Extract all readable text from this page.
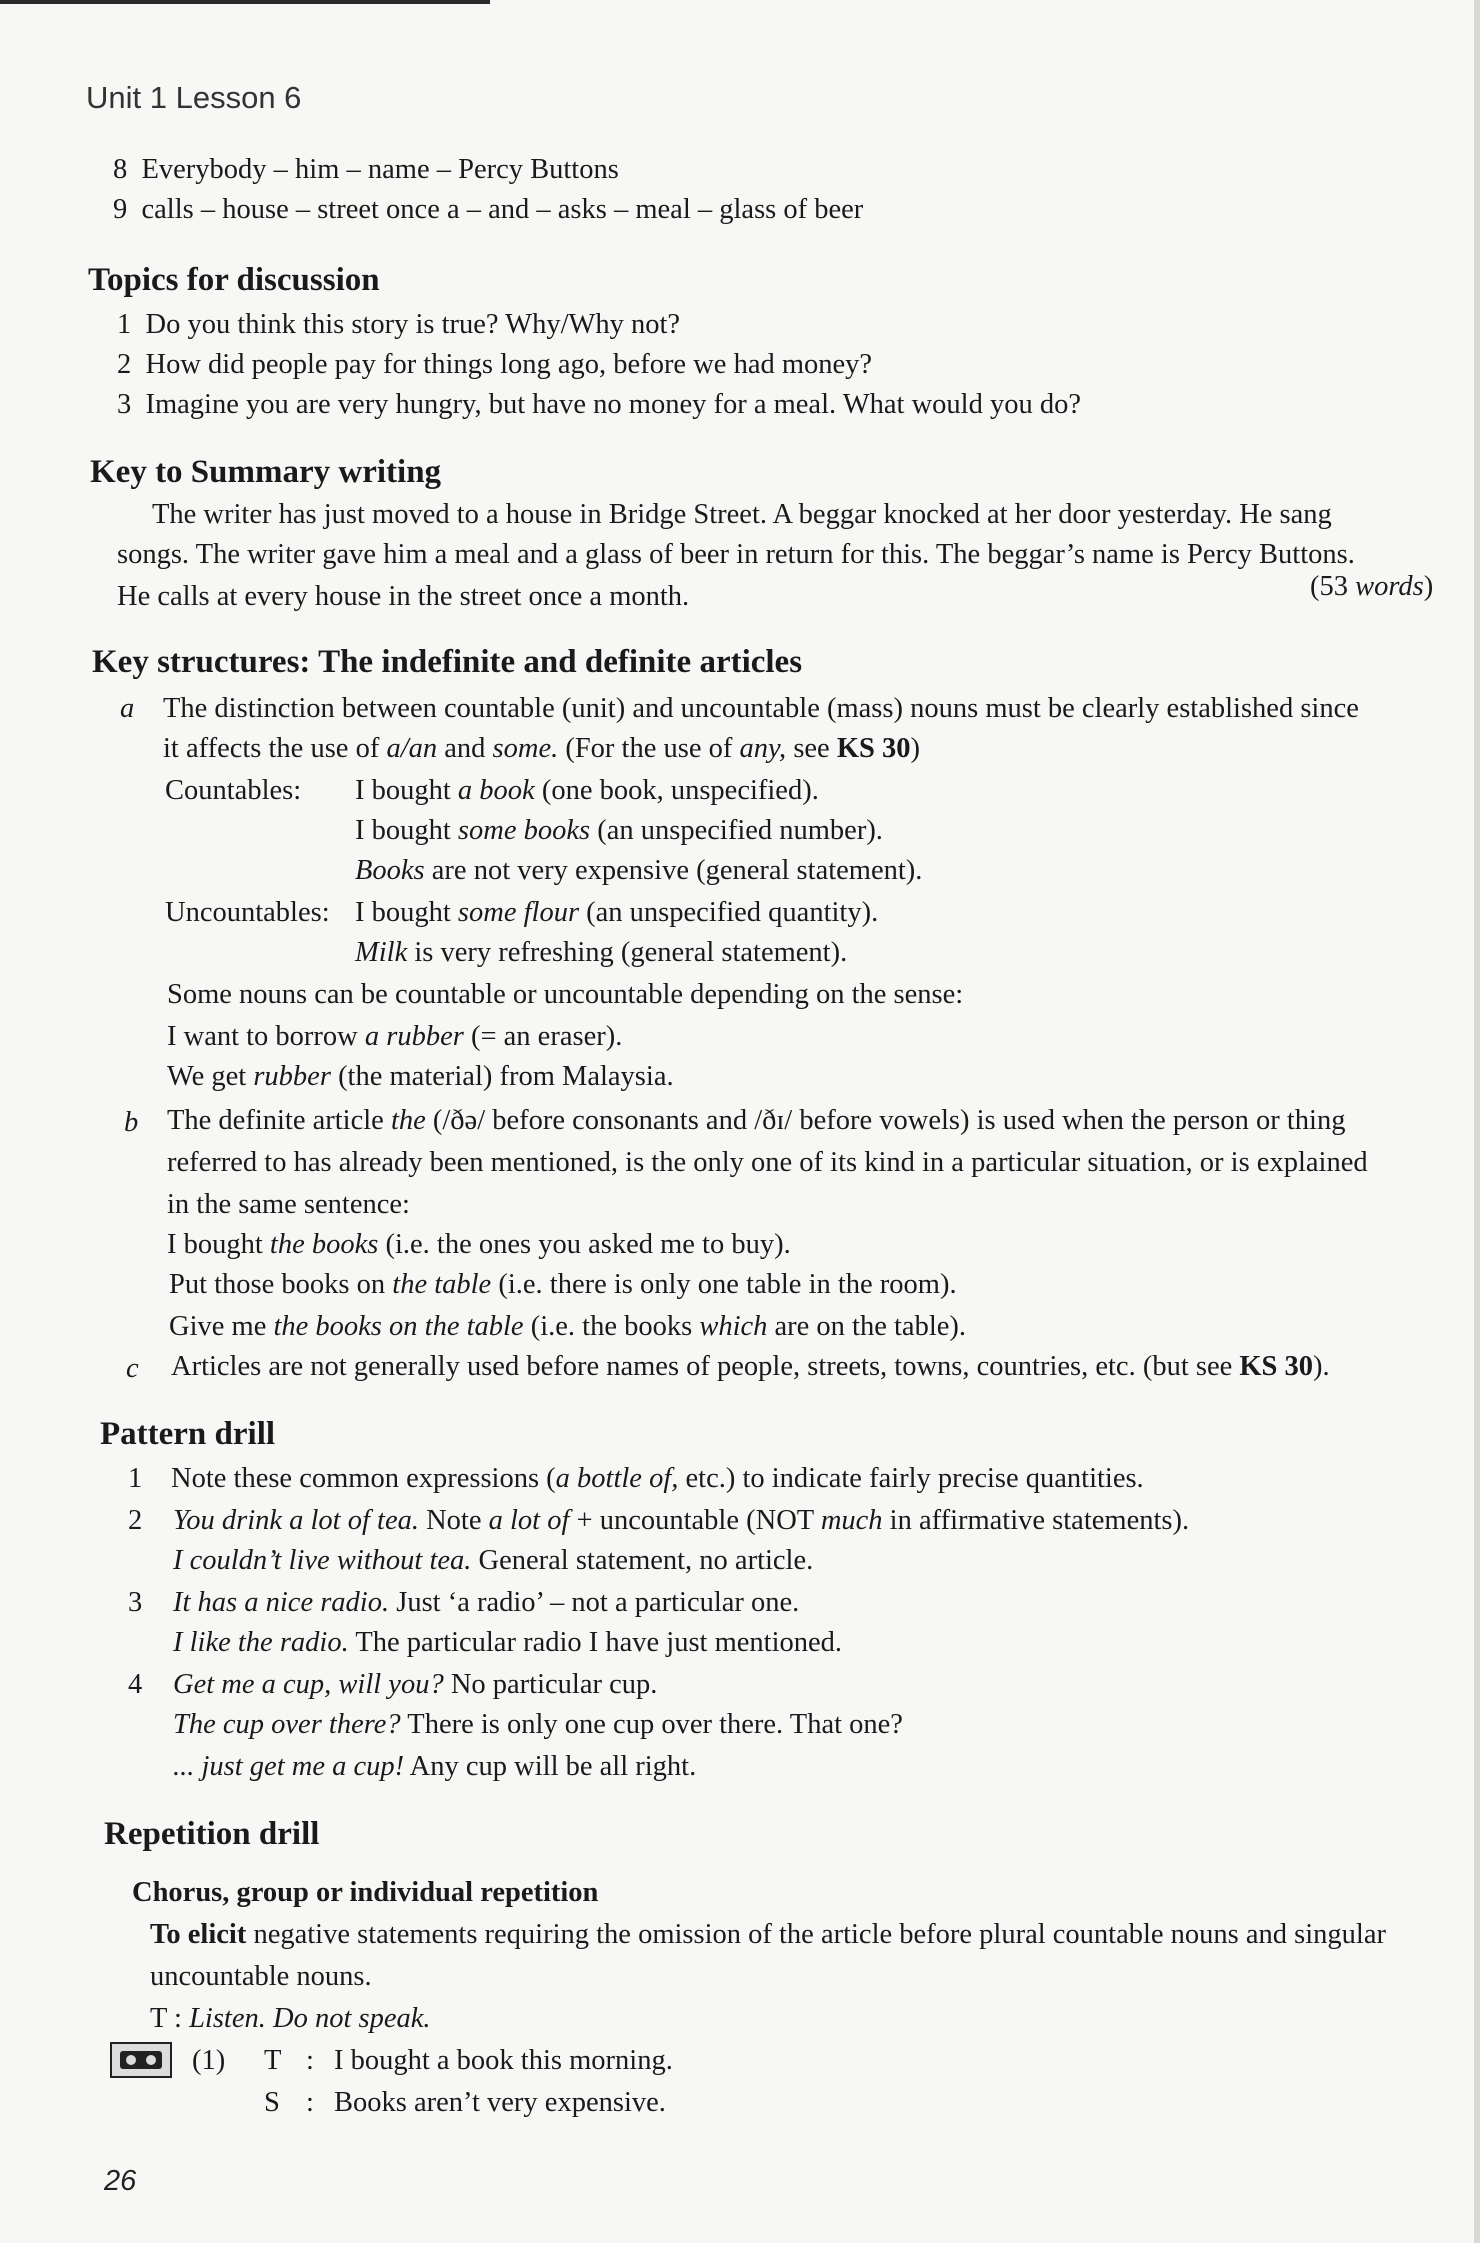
Unit 1 Lesson 6
8 Everybody – him – name – Percy Buttons
9 calls – house – street once a – and – asks – meal – glass of beer
Topics for discussion
1 Do you think this story is true? Why/Why not?
2 How did people pay for things long ago, before we had money?
3 Imagine you are very hungry, but have no money for a meal. What would you do?
Key to Summary writing
The writer has just moved to a house in Bridge Street. A beggar knocked at her door yesterday. He sang
songs. The writer gave him a meal and a glass of beer in return for this. The beggar’s name is Percy Buttons.
He calls at every house in the street once a month.	(53 words)
Key structures: The indefinite and definite articles
a The distinction between countable (unit) and uncountable (mass) nouns must be clearly established since
it affects the use of a/an and some. (For the use of any, see KS 30)
Countables: I bought a book (one book, unspecified).
I bought some books (an unspecified number).
Books are not very expensive (general statement).
Uncountables: I bought some flour (an unspecified quantity).
Milk is very refreshing (general statement).
Some nouns can be countable or uncountable depending on the sense:
I want to borrow a rubber (= an eraser).
We get rubber (the material) from Malaysia.
b The definite article the (/ðə/ before consonants and /ðɪ/ before vowels) is used when the person or thing
referred to has already been mentioned, is the only one of its kind in a particular situation, or is explained
in the same sentence:
I bought the books (i.e. the ones you asked me to buy).
Put those books on the table (i.e. there is only one table in the room).
Give me the books on the table (i.e. the books which are on the table).
c Articles are not generally used before names of people, streets, towns, countries, etc. (but see KS 30).
Pattern drill
1 Note these common expressions (a bottle of, etc.) to indicate fairly precise quantities.
2 You drink a lot of tea. Note a lot of + uncountable (NOT much in affirmative statements).
I couldn’t live without tea. General statement, no article.
3 It has a nice radio. Just ‘a radio’ – not a particular one.
I like the radio. The particular radio I have just mentioned.
4 Get me a cup, will you? No particular cup.
The cup over there? There is only one cup over there. That one?
... just get me a cup! Any cup will be all right.
Repetition drill
Chorus, group or individual repetition
To elicit negative statements requiring the omission of the article before plural countable nouns and singular
uncountable nouns.
T : Listen. Do not speak.
(1) T : I bought a book this morning.
S : Books aren’t very expensive.
26
